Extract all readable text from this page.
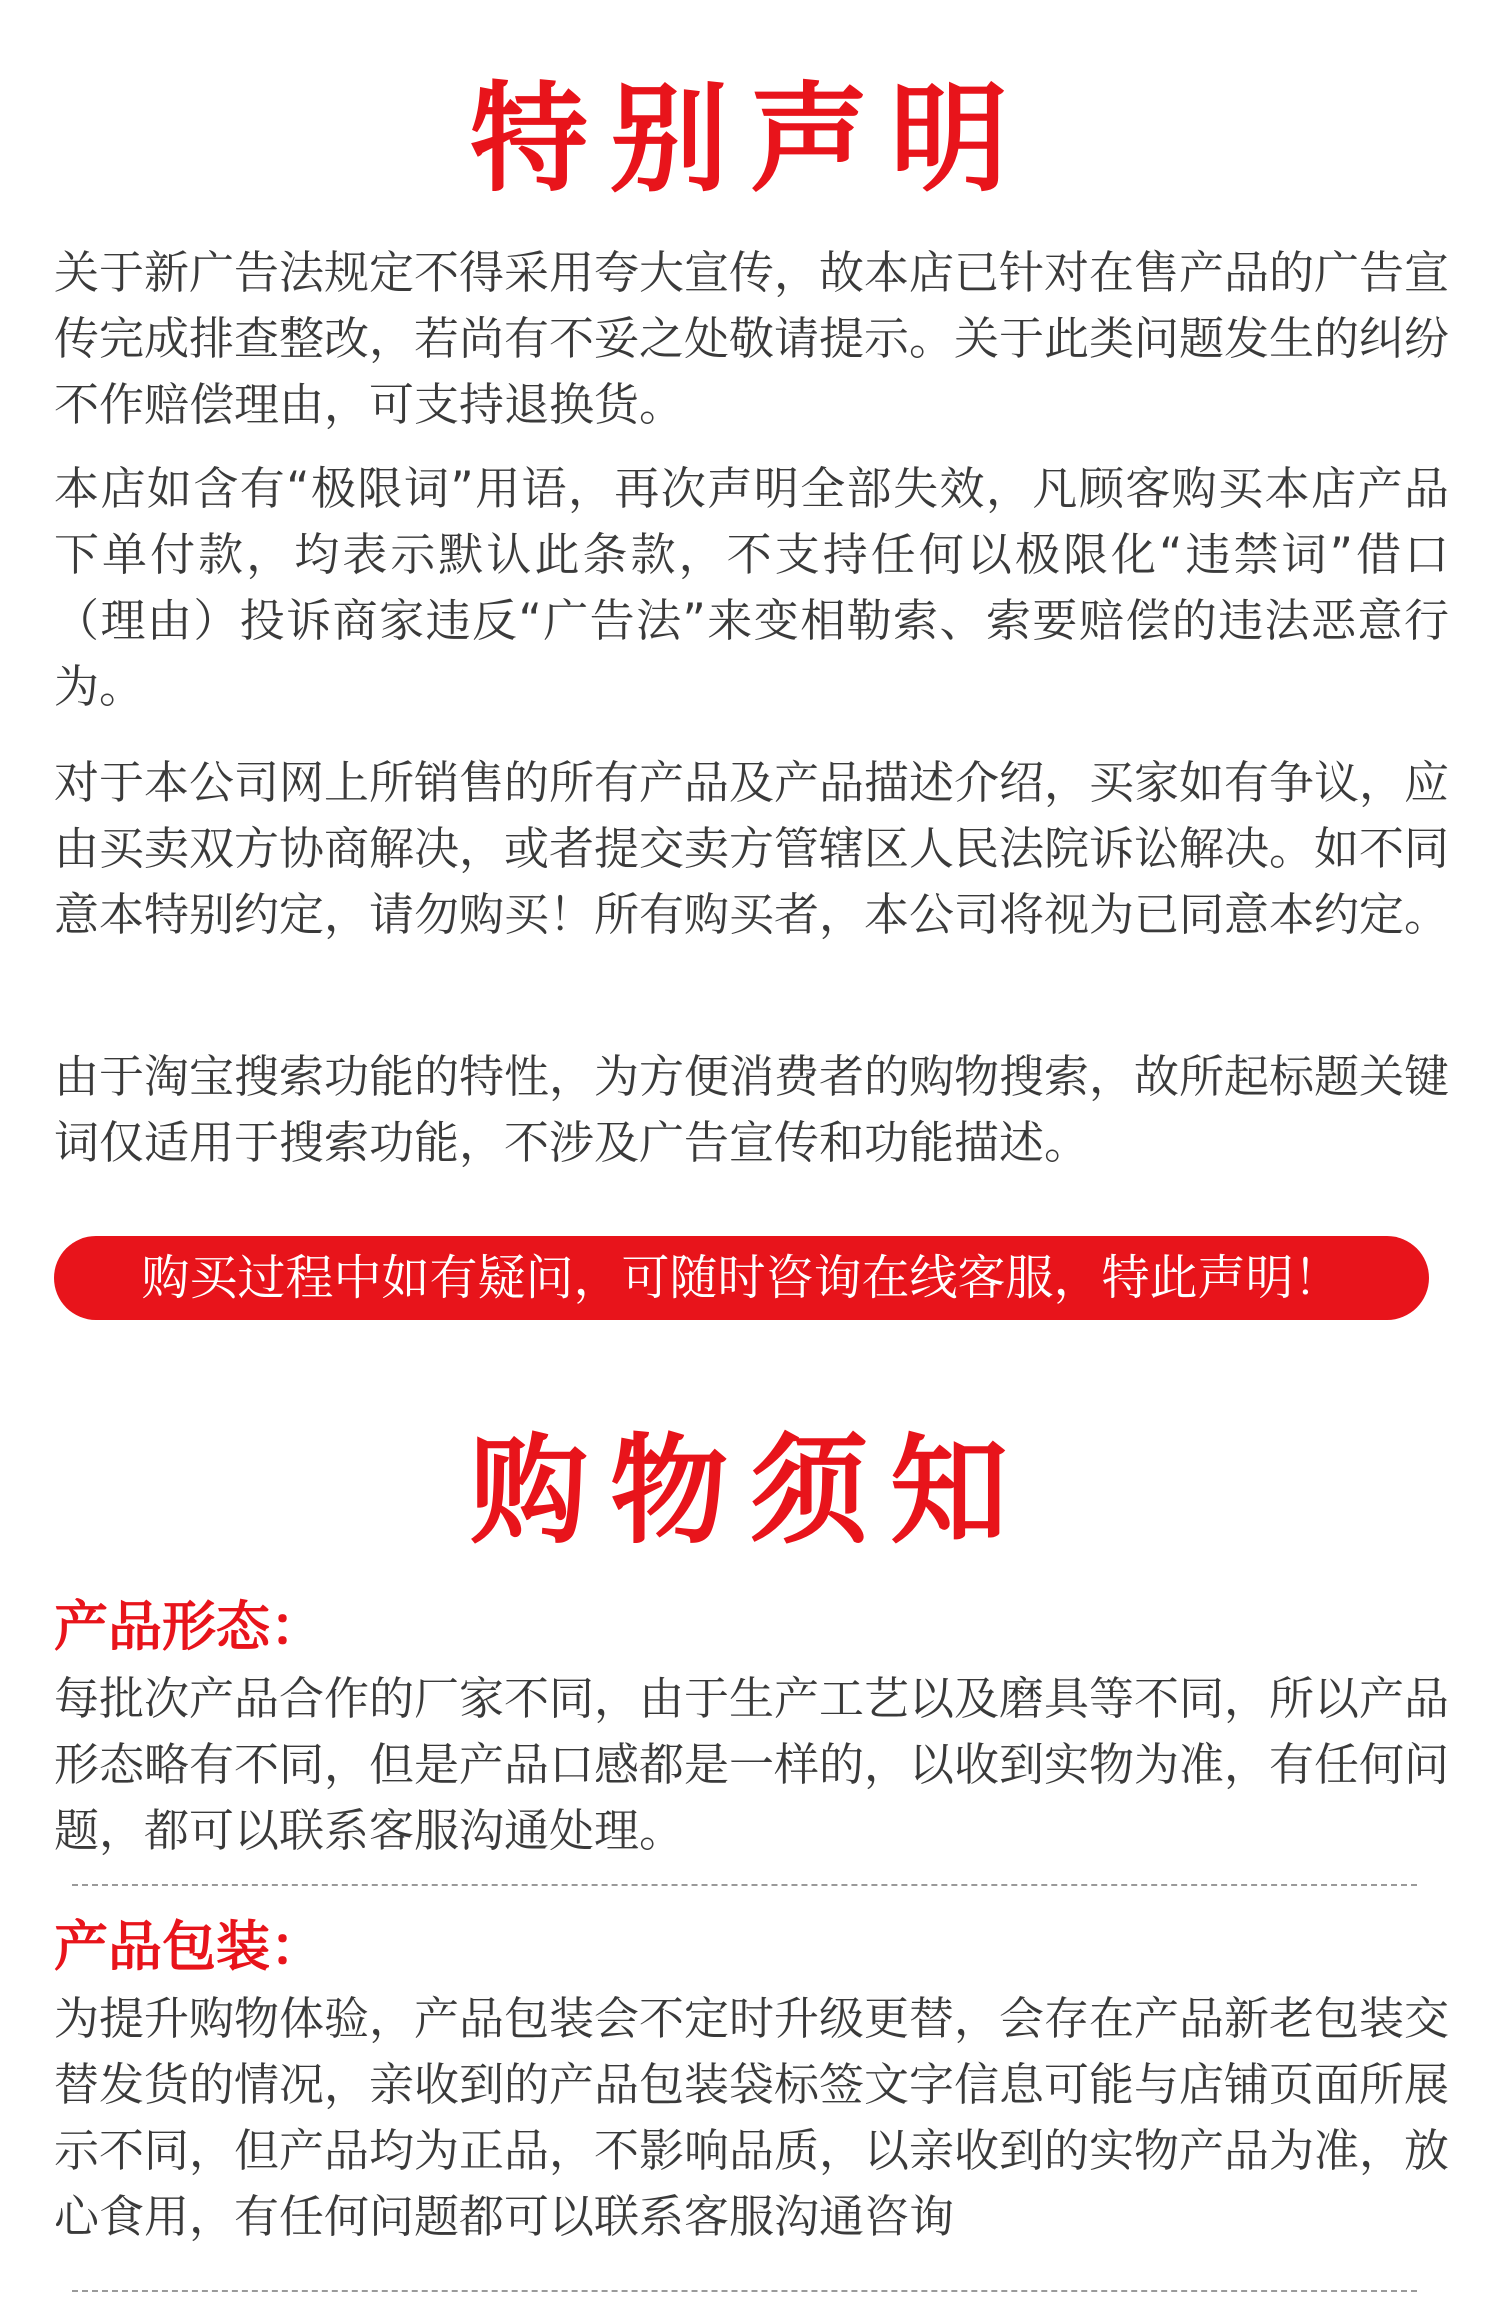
特别声明

关于新广告法规定不得采用夸大宣传，故本店已针对在售产品的广告宣传完成排查整改，若尚有不妥之处敬请提示。关于此类问题发生的纠纷不作赔偿理由，可支持退换货。

本店如含有“极限词”用语，再次声明全部失效，凡顾客购买本店产品下单付款，均表示默认此条款，不支持任何以极限化“违禁词”借口（理由）投诉商家违反“广告法”来变相勒索、索要赔偿的违法恶意行为。

对于本公司网上所销售的所有产品及产品描述介绍，买家如有争议，应由买卖双方协商解决，或者提交卖方管辖区人民法院诉讼解决。如不同意本特别约定，请勿购买！所有购买者，本公司将视为已同意本约定。

由于淘宝搜索功能的特性，为方便消费者的购物搜索，故所起标题关键词仅适用于搜索功能，不涉及广告宣传和功能描述。

购买过程中如有疑问，可随时咨询在线客服，特此声明！
购物须知
产品形态：

每批次产品合作的厂家不同，由于生产工艺以及磨具等不同，所以产品形态略有不同，但是产品口感都是一样的，以收到实物为准，有任何问题，都可以联系客服沟通处理。

产品包装：

为提升购物体验，产品包装会不定时升级更替，会存在产品新老包装交替发货的情况，亲收到的产品包装袋标签文字信息可能与店铺页面所展示不同，但产品均为正品，不影响品质，以亲收到的实物产品为准，放心食用，有任何问题都可以联系客服沟通咨询
